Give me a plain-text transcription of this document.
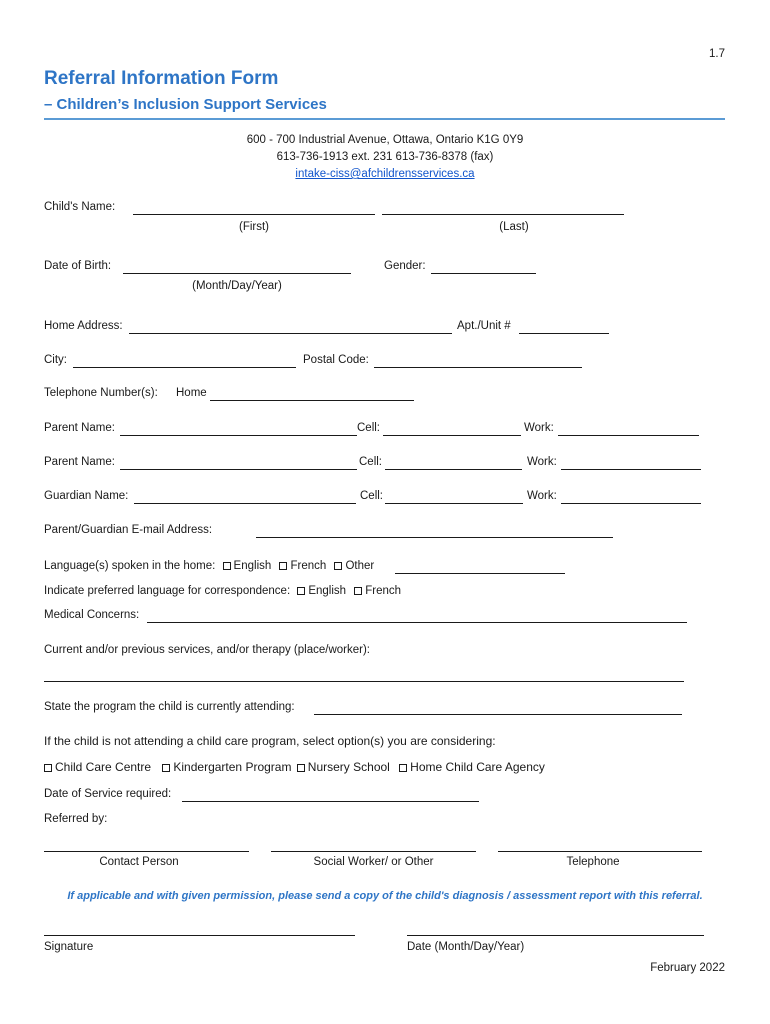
1.7
Referral Information Form
– Children’s Inclusion Support Services
600 - 700 Industrial Avenue, Ottawa, Ontario K1G 0Y9
613-736-1913 ext. 231 613-736-8378 (fax)
intake-ciss@afchildrensservices.ca
Child's Name:
(First)	(Last)
Date of Birth:	Gender:
(Month/Day/Year)
Home Address:	Apt./Unit #
City:	Postal Code:
Telephone Number(s): Home
Parent Name:	Cell:	Work:
Parent Name:	Cell:	Work:
Guardian Name:	Cell:	Work:
Parent/Guardian E-mail Address:
Language(s) spoken in the home: English French Other
Indicate preferred language for correspondence: English French
Medical Concerns:
Current and/or previous services, and/or therapy (place/worker):
State the program the child is currently attending:
If the child is not attending a child care program, select option(s) you are considering:
Child Care Centre Kindergarten Program Nursery School Home Child Care Agency
Date of Service required:
Referred by:
Contact Person	Social Worker/ or Other	Telephone
If applicable and with given permission, please send a copy of the child's diagnosis / assessment report with this referral.
Signature	Date (Month/Day/Year)
February 2022
